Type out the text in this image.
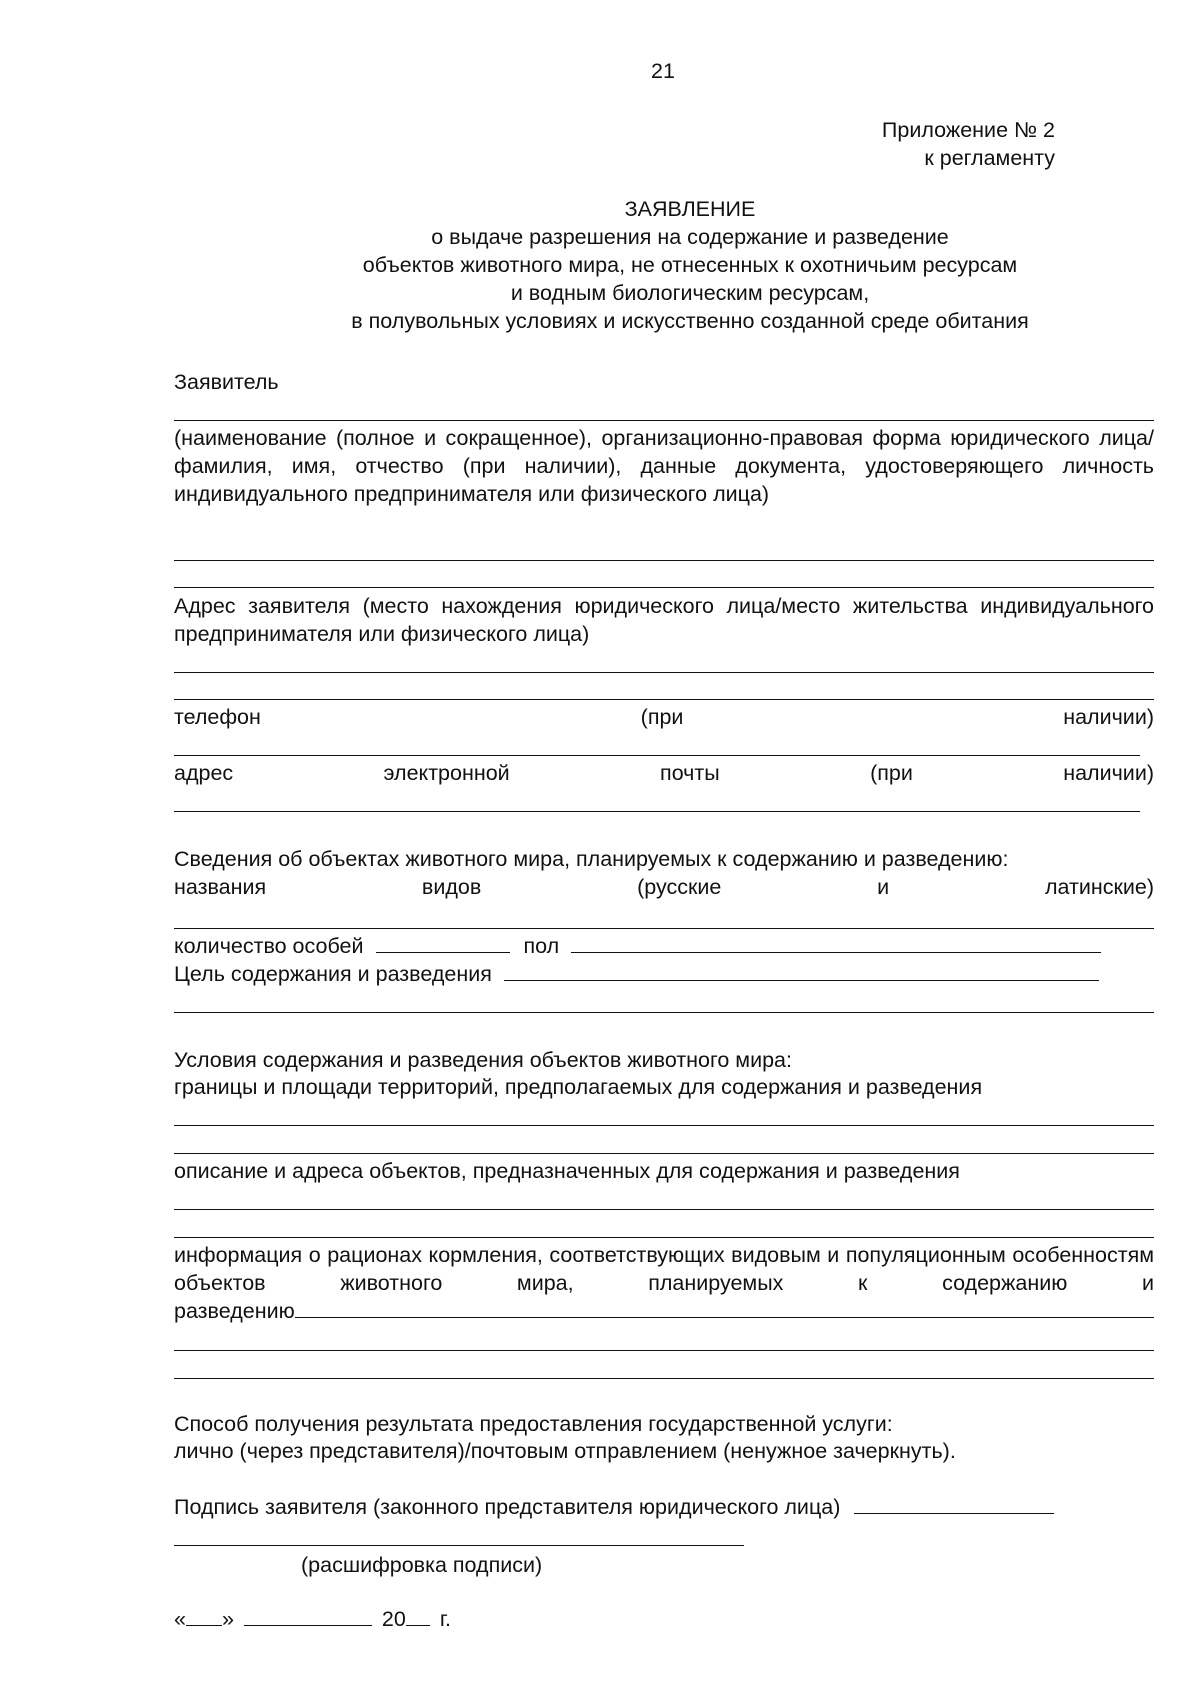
21
Приложение № 2
к регламенту
ЗАЯВЛЕНИЕ
о выдаче разрешения на содержание и разведение
объектов животного мира, не отнесенных к охотничьим ресурсам
и водным биологическим ресурсам,
в полувольных условиях и искусственно созданной среде обитания
Заявитель
(наименование (полное и сокращенное), организационно-правовая форма юридического лица/фамилия, имя, отчество (при наличии), данные документа, удостоверяющего личность индивидуального предпринимателя или физического лица)
Адрес заявителя (место нахождения юридического лица/место жительства индивидуального предпринимателя или физического лица)
телефон	(при	наличии)
адрес	электронной	почты	(при	наличии)
Сведения об объектах животного мира, планируемых к содержанию и разведению:
названия	видов	(русские	и	латинские)
количество особей	пол
Цель содержания и разведения
Условия содержания и разведения объектов животного мира:
границы и площади территорий, предполагаемых для содержания и разведения
описание и адреса объектов, предназначенных для содержания и разведения
информация о рационах кормления, соответствующих видовым и популяционным особенностям объектов животного мира, планируемых к содержанию и
разведению
Способ получения результата предоставления государственной услуги:
лично (через представителя)/почтовым отправлением (ненужное зачеркнуть).
Подпись заявителя (законного представителя юридического лица)
(расшифровка подписи)
« »	20 г.
